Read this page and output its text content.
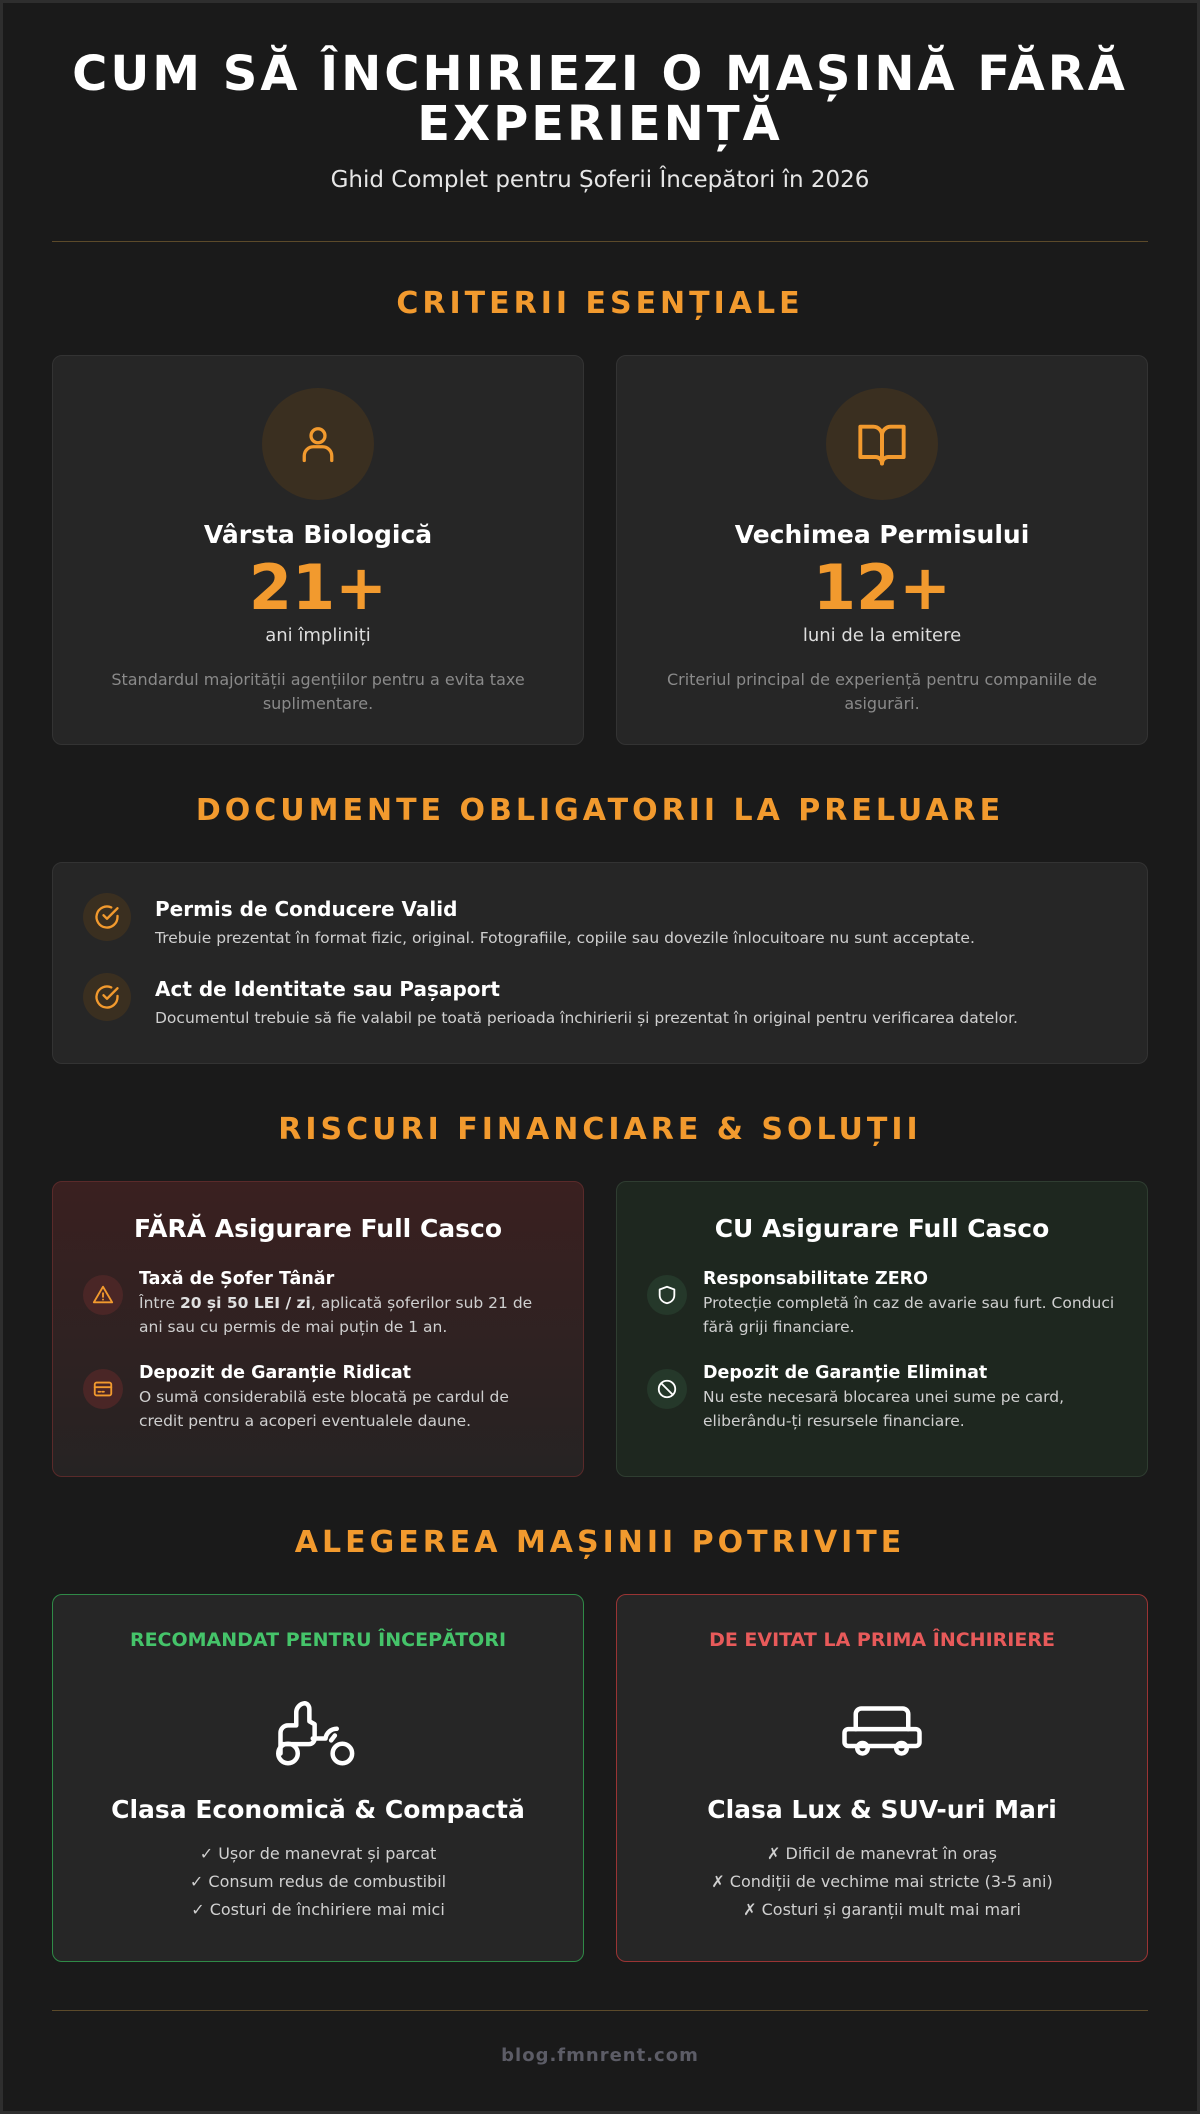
CUM SĂ ÎNCHIRIEZI O MAȘINĂ FĂRĂ EXPERIENȚĂ
Ghid Complet pentru Șoferii Începători în 2026
CRITERII ESENȚIALE
Vârsta Biologică
21+
ani împliniți
Standardul majorității agențiilor pentru a evita taxe suplimentare.
Vechimea Permisului
12+
luni de la emitere
Criteriul principal de experiență pentru companiile de asigurări.
DOCUMENTE OBLIGATORII LA PRELUARE
Permis de Conducere Valid

Trebuie prezentat în format fizic, original. Fotografiile, copiile sau dovezile înlocuitoare nu sunt acceptate.

Act de Identitate sau Pașaport

Documentul trebuie să fie valabil pe toată perioada închirierii și prezentat în original pentru verificarea datelor.

RISCURI FINANCIARE & SOLUȚII
FĂRĂ Asigurare Full Casco
Taxă de Șofer Tânăr

Între 20 și 50 LEI / zi, aplicată șoferilor sub 21 de ani sau cu permis de mai puțin de 1 an.

Depozit de Garanție Ridicat

O sumă considerabilă este blocată pe cardul de credit pentru a acoperi eventualele daune.

CU Asigurare Full Casco
Responsabilitate ZERO

Protecție completă în caz de avarie sau furt. Conduci fără griji financiare.

Depozit de Garanție Eliminat

Nu este necesară blocarea unei sume pe card, eliberându-ți resursele financiare.

ALEGEREA MAȘINII POTRIVITE
RECOMANDAT PENTRU ÎNCEPĂTORI
Clasa Economică & Compactă
✓ Ușor de manevrat și parcat
✓ Consum redus de combustibil
✓ Costuri de închiriere mai mici
DE EVITAT LA PRIMA ÎNCHIRIERE
Clasa Lux & SUV-uri Mari
✗ Dificil de manevrat în oraș
✗ Condiții de vechime mai stricte (3-5 ani)
✗ Costuri și garanții mult mai mari
blog.fmnrent.com
